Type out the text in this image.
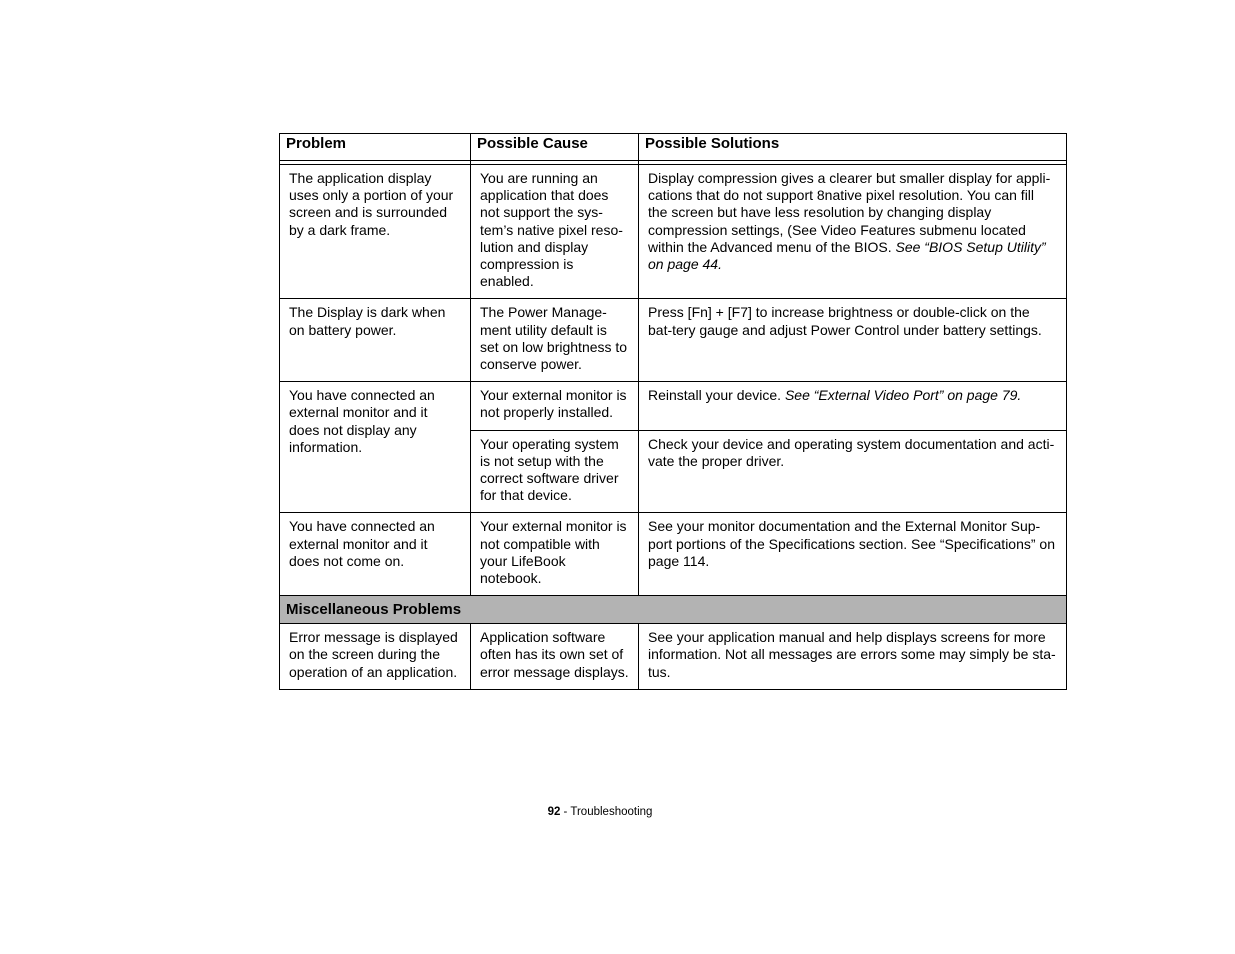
Problem	Possible Cause	Possible Solutions

The application display uses only a portion of your screen and is surrounded by a dark frame.	You are running an application that does not support the sys-tem’s native pixel reso-lution and display compression is enabled.	Display compression gives a clearer but smaller display for appli-cations that do not support 8native pixel resolution. You can fill the screen but have less resolution by changing display compression settings, (See Video Features submenu located within the Advanced menu of the BIOS. See “BIOS Setup Utility” on page 44.
The Display is dark when on battery power.	The Power Manage-ment utility default is set on low brightness to conserve power.	Press [Fn] + [F7] to increase brightness or double-click on the bat-tery gauge and adjust Power Control under battery settings.
You have connected an external monitor and it does not display any information.	Your external monitor is not properly installed.	Reinstall your device. See “External Video Port” on page 79.
	Your operating system is not setup with the correct software driver for that device.	Check your device and operating system documentation and acti-vate the proper driver.
You have connected an external monitor and it does not come on.	Your external monitor is not compatible with your LifeBook notebook.	See your monitor documentation and the External Monitor Sup-port portions of the Specifications section. See “Specifications” on page 114.
Miscellaneous Problems		
Error message is displayed on the screen during the operation of an application.	Application software often has its own set of error message displays.	See your application manual and help displays screens for more information. Not all messages are errors some may simply be sta-tus.
92 - Troubleshooting
